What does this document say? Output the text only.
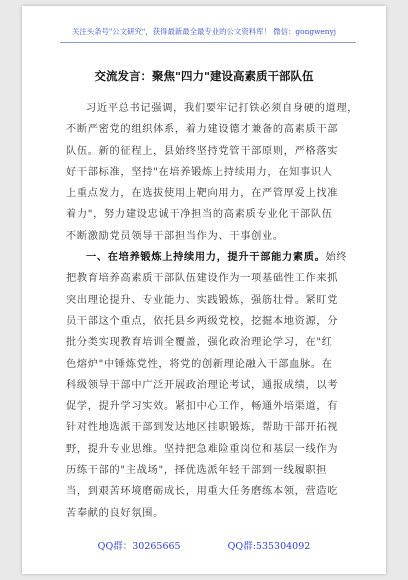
关注头条号"公文研究"，获得最新最全最专业的公文资料库！ 微信：gongwenyj
交流发言：聚焦"四力"建设高素质干部队伍
习近平总书记强调，我们要牢记打铁必须自身硬的道理，
不断严密党的组织体系，着力建设德才兼备的高素质干部
队伍。新的征程上，县始终坚持党管干部原则，严格落实
好干部标准，坚持"在培养锻炼上持续用力，在知事识人
上重点发力，在选拔使用上靶向用力，在严管厚爱上找准
着力"，努力建设忠诚干净担当的高素质专业化干部队伍
不断激励党员领导干部担当作为、干事创业。
一、在培养锻炼上持续用力，提升干部能力素质。始终
把教育培养高素质干部队伍建设作为一项基础性工作来抓
突出理论提升、专业能力、实践锻炼，强筋壮骨。紧盯党
员干部这个重点，依托县乡两级党校，挖掘本地资源，分
批分类实现教育培训全覆盖，强化政治理论学习，在"红
色熔炉"中锤炼党性，将党的创新理论融入干部血脉。在
科级领导干部中广泛开展政治理论考试，通报成绩，以考
促学，提升学习实效。紧扣中心工作，畅通外培渠道，有
针对性地选派干部到发达地区挂职锻炼，帮助干部开拓视
野，提升专业思维。坚持把急难险重岗位和基层一线作为
历练干部的"主战场"，择优选派年轻干部到一线履职担
当，到艰苦环境磨砺成长，用重大任务磨练本领，营造吃
苦奉献的良好氛围。
QQ群：30265665	QQ群:535304092
